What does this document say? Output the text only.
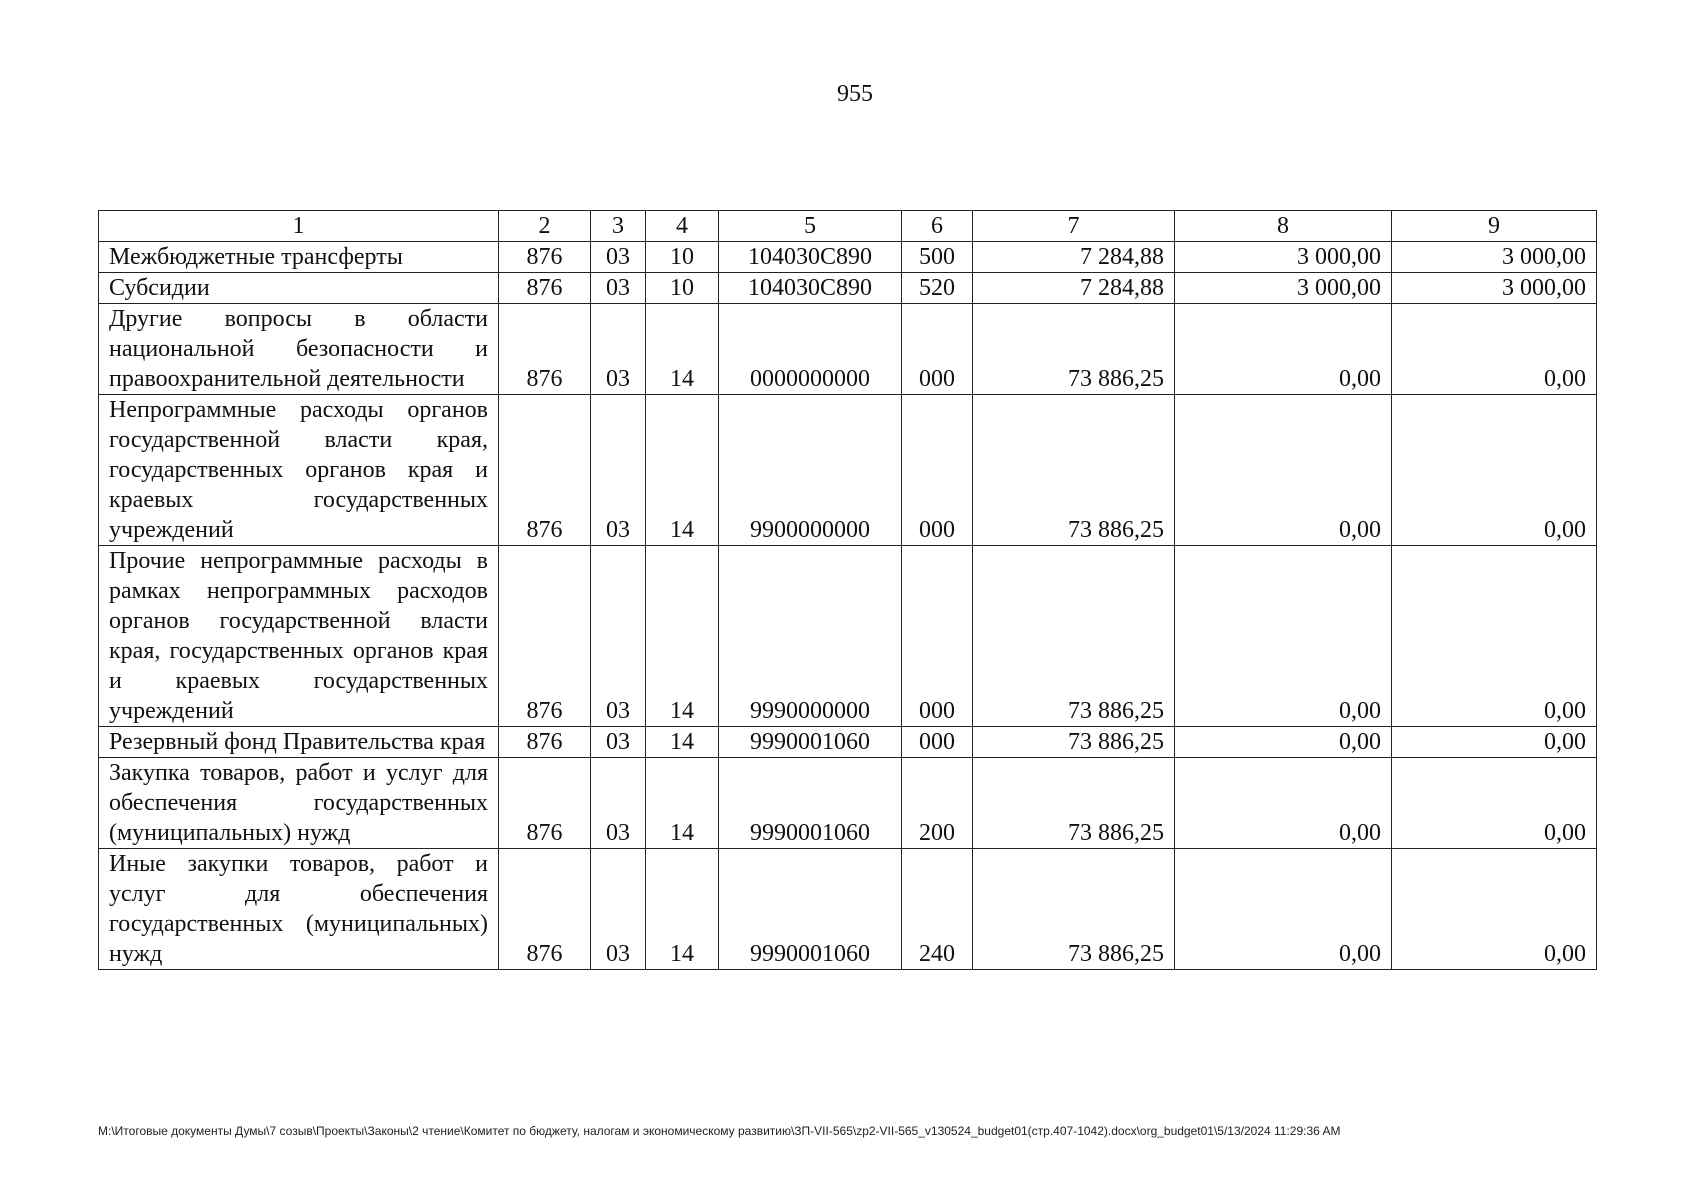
955
1	2	3	4	5	6	7	8	9
Межбюджетные трансферты	876	03	10	104030С890	500	7 284,88	3 000,00	3 000,00
Субсидии	876	03	10	104030С890	520	7 284,88	3 000,00	3 000,00
Другие вопросы в области национальной безопасности и правоохранительной деятельности	876	03	14	0000000000	000	73 886,25	0,00	0,00
Непрограммные расходы органов государственной власти края, государственных органов края и краевых государственных учреждений	876	03	14	9900000000	000	73 886,25	0,00	0,00
Прочие непрограммные расходы в рамках непрограммных расходов органов государственной власти края, государственных органов края и краевых государственных учреждений	876	03	14	9990000000	000	73 886,25	0,00	0,00
Резервный фонд Правительства края	876	03	14	9990001060	000	73 886,25	0,00	0,00
Закупка товаров, работ и услуг для обеспечения государственных (муниципальных) нужд	876	03	14	9990001060	200	73 886,25	0,00	0,00
Иные закупки товаров, работ и услуг для обеспечения государственных (муниципальных) нужд	876	03	14	9990001060	240	73 886,25	0,00	0,00
M:\Итоговые документы Думы\7 созыв\Проекты\Законы\2 чтение\Комитет по бюджету, налогам и экономическому развитию\ЗП-VII-565\zp2-VII-565_v130524_budget01(стр.407-1042).docx\org_budget01\5/13/2024 11:29:36 AM
